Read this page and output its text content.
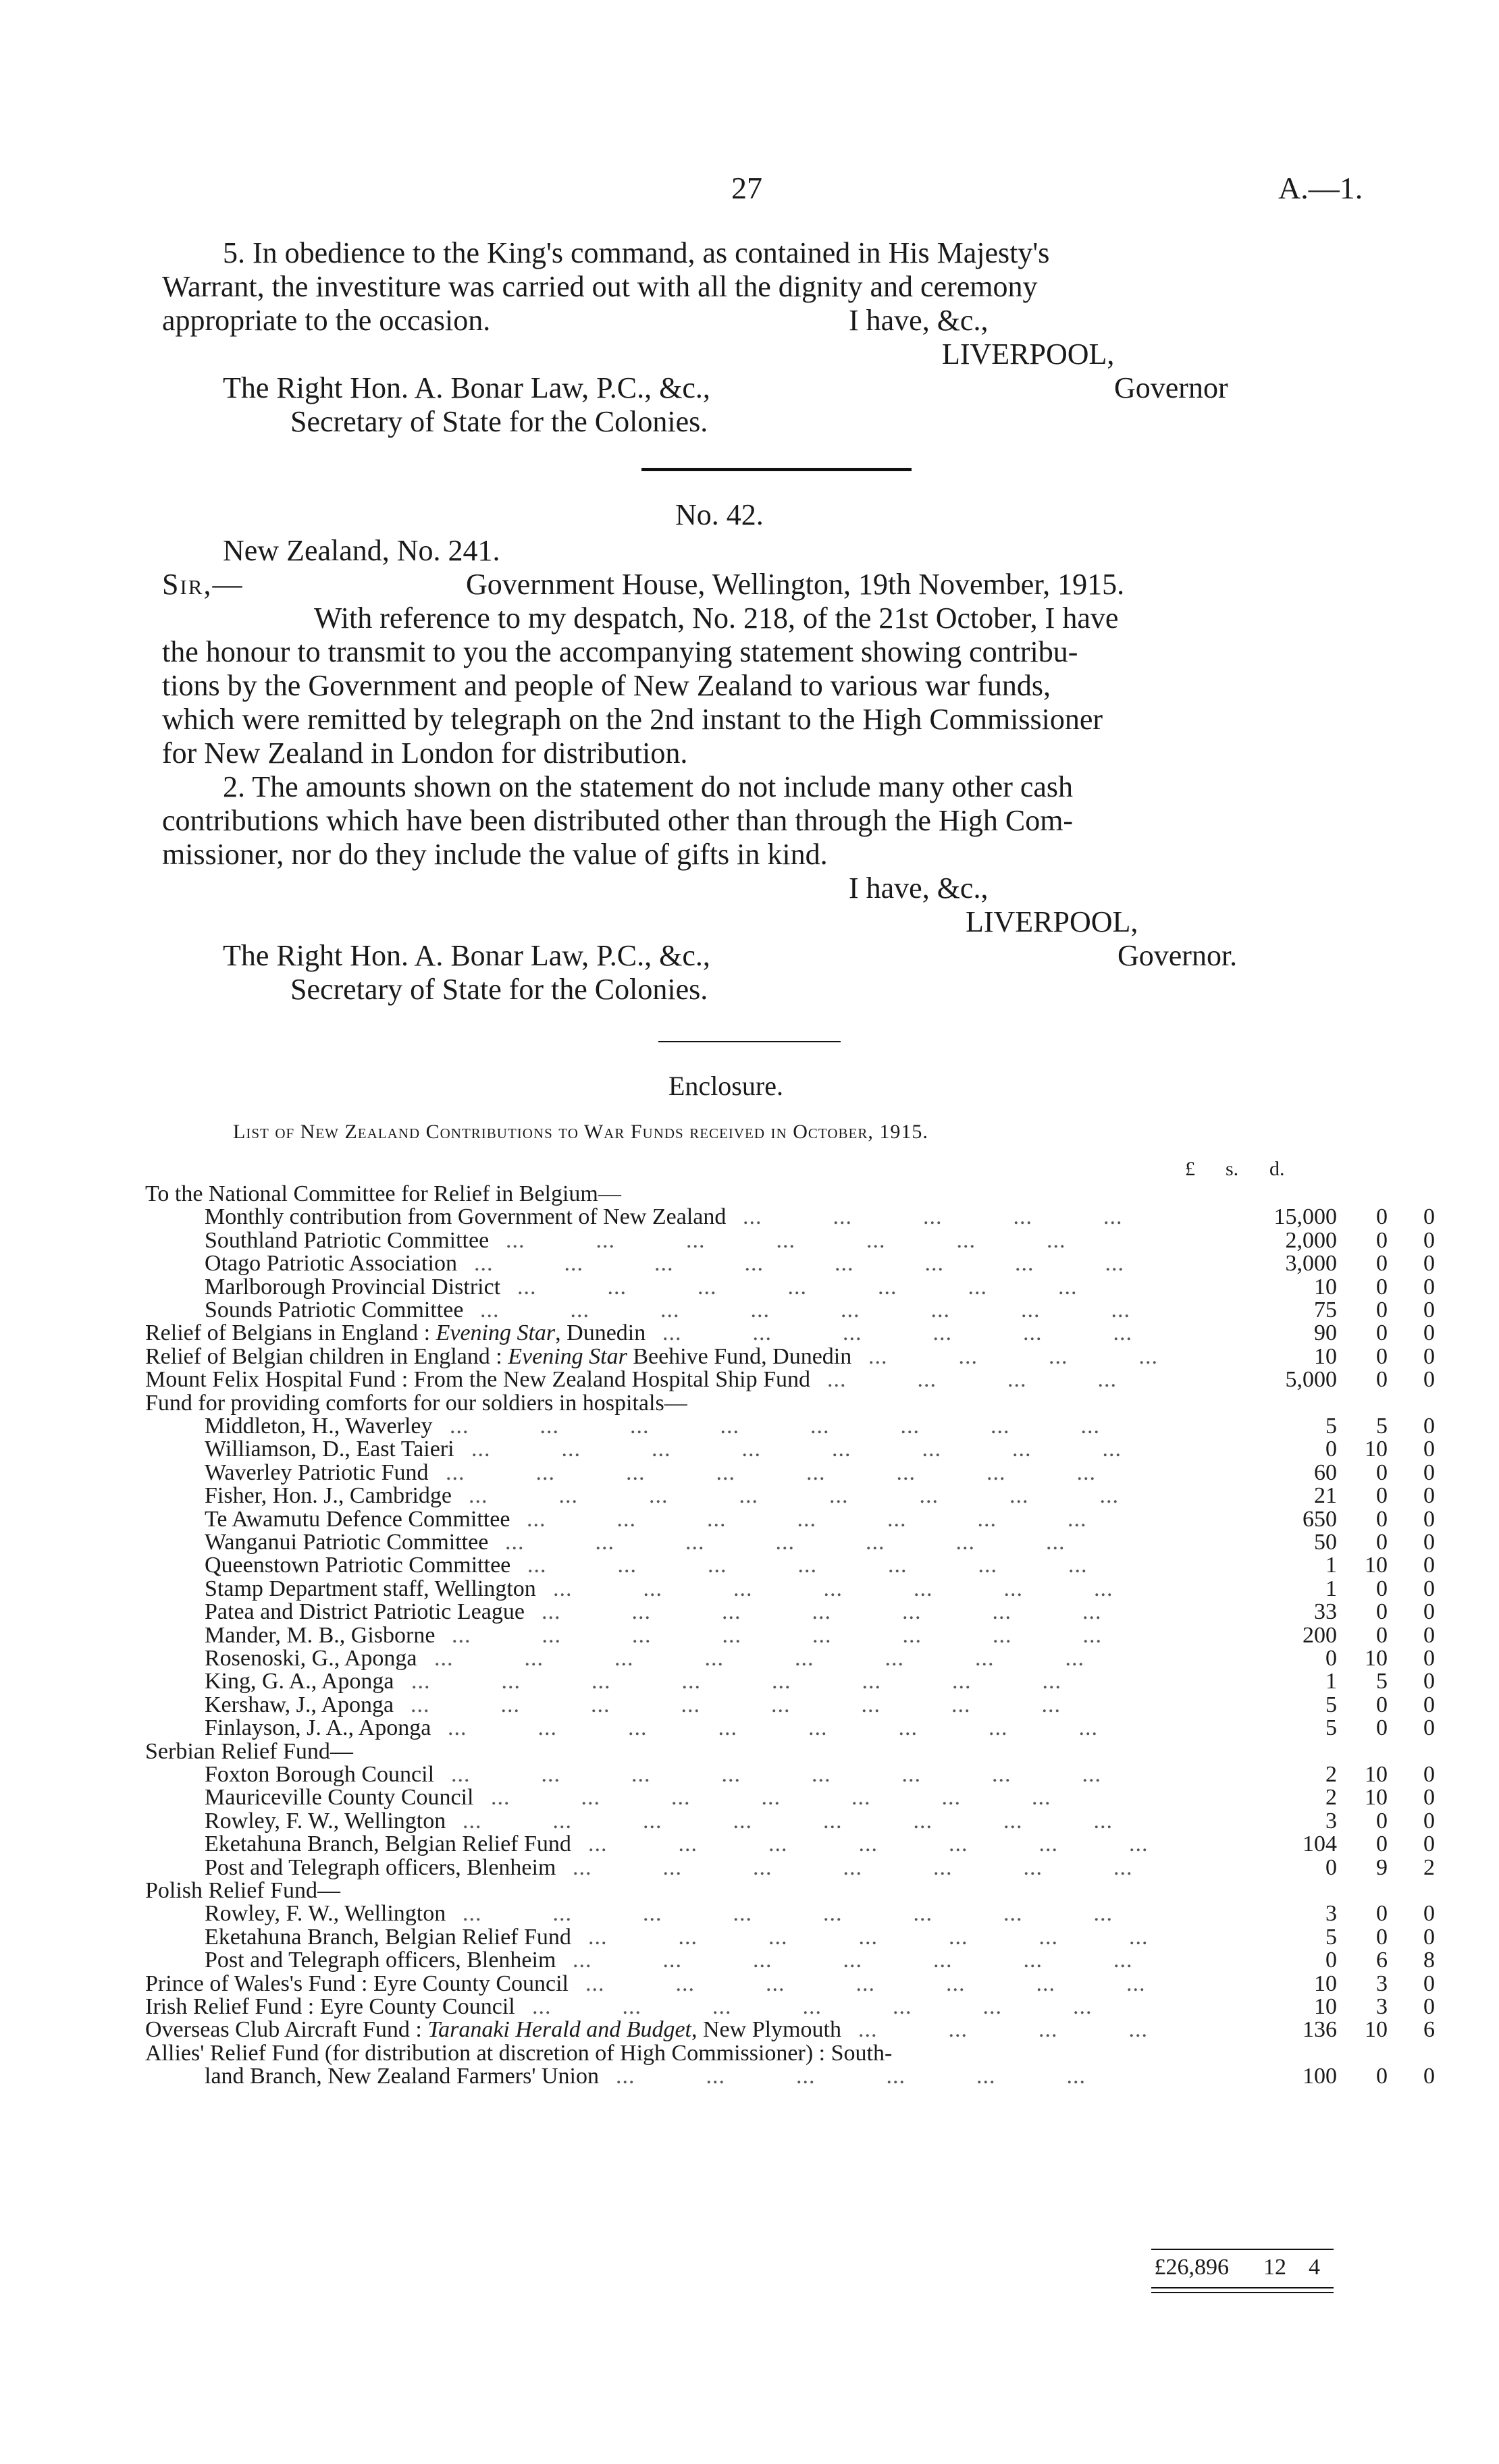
27	A.—1.
5. In obedience to the King's command, as contained in His Majesty's
Warrant, the investiture was carried out with all the dignity and ceremony
appropriate to the occasion.	I have, &c.,
LIVERPOOL,
The Right Hon. A. Bonar Law, P.C., &c.,	Governor
Secretary of State for the Colonies.
No. 42.
New Zealand, No. 241.
Sir,—	Government House, Wellington, 19th November, 1915.
With reference to my despatch, No. 218, of the 21st October, I have
the honour to transmit to you the accompanying statement showing contribu-
tions by the Government and people of New Zealand to various war funds,
which were remitted by telegraph on the 2nd instant to the High Commissioner
for New Zealand in London for distribution.
2. The amounts shown on the statement do not include many other cash
contributions which have been distributed other than through the High Com-
missioner, nor do they include the value of gifts in kind.
I have, &c.,
LIVERPOOL,
The Right Hon. A. Bonar Law, P.C., &c.,	Governor.
Secretary of State for the Colonies.
Enclosure.
List of New Zealand Contributions to War Funds received in October, 1915.
£ s. d.
To the National Committee for Relief in Belgium—
Monthly contribution from Government of New Zealand ...   ...   ...   ...   ...	15,000	0	0
Southland Patriotic Committee ...   ...   ...   ...   ...   ...   ...	2,000	0	0
Otago Patriotic Association ...   ...   ...   ...   ...   ...   ...   ...	3,000	0	0
Marlborough Provincial District ...   ...   ...   ...   ...   ...   ...	10	0	0
Sounds Patriotic Committee ...   ...   ...   ...   ...   ...   ...   ...	75	0	0
Relief of Belgians in England : Evening Star, Dunedin ...   ...   ...   ...   ...   ...	90	0	0
Relief of Belgian children in England : Evening Star Beehive Fund, Dunedin ...   ...   ...   ...	10	0	0
Mount Felix Hospital Fund : From the New Zealand Hospital Ship Fund ...   ...   ...   ...	5,000	0	0
Fund for providing comforts for our soldiers in hospitals—
Middleton, H., Waverley ...   ...   ...   ...   ...   ...   ...   ...	5	5	0
Williamson, D., East Taieri ...   ...   ...   ...   ...   ...   ...   ...	0	10	0
Waverley Patriotic Fund ...   ...   ...   ...   ...   ...   ...   ...	60	0	0
Fisher, Hon. J., Cambridge ...   ...   ...   ...   ...   ...   ...   ...	21	0	0
Te Awamutu Defence Committee ...   ...   ...   ...   ...   ...   ...	650	0	0
Wanganui Patriotic Committee ...   ...   ...   ...   ...   ...   ...	50	0	0
Queenstown Patriotic Committee ...   ...   ...   ...   ...   ...   ...	1	10	0
Stamp Department staff, Wellington ...   ...   ...   ...   ...   ...   ...	1	0	0
Patea and District Patriotic League ...   ...   ...   ...   ...   ...   ...	33	0	0
Mander, M. B., Gisborne ...   ...   ...   ...   ...   ...   ...   ...	200	0	0
Rosenoski, G., Aponga ...   ...   ...   ...   ...   ...   ...   ...	0	10	0
King, G. A., Aponga ...   ...   ...   ...   ...   ...   ...   ...	1	5	0
Kershaw, J., Aponga ...   ...   ...   ...   ...   ...   ...   ...	5	0	0
Finlayson, J. A., Aponga ...   ...   ...   ...   ...   ...   ...   ...	5	0	0
Serbian Relief Fund—
Foxton Borough Council ...   ...   ...   ...   ...   ...   ...   ...	2	10	0
Mauriceville County Council ...   ...   ...   ...   ...   ...   ...	2	10	0
Rowley, F. W., Wellington ...   ...   ...   ...   ...   ...   ...   ...	3	0	0
Eketahuna Branch, Belgian Relief Fund ...   ...   ...   ...   ...   ...   ...	104	0	0
Post and Telegraph officers, Blenheim ...   ...   ...   ...   ...   ...   ...	0	9	2
Polish Relief Fund—
Rowley, F. W., Wellington ...   ...   ...   ...   ...   ...   ...   ...	3	0	0
Eketahuna Branch, Belgian Relief Fund ...   ...   ...   ...   ...   ...   ...	5	0	0
Post and Telegraph officers, Blenheim ...   ...   ...   ...   ...   ...   ...	0	6	8
Prince of Wales's Fund : Eyre County Council ...   ...   ...   ...   ...   ...   ...	10	3	0
Irish Relief Fund : Eyre County Council ...   ...   ...   ...   ...   ...   ...	10	3	0
Overseas Club Aircraft Fund : Taranaki Herald and Budget, New Plymouth ...   ...   ...   ...	136	10	6
Allies' Relief Fund (for distribution at discretion of High Commissioner) : South-
land Branch, New Zealand Farmers' Union ...   ...   ...   ...   ...   ...	100	0	0
£26,896	12 4
